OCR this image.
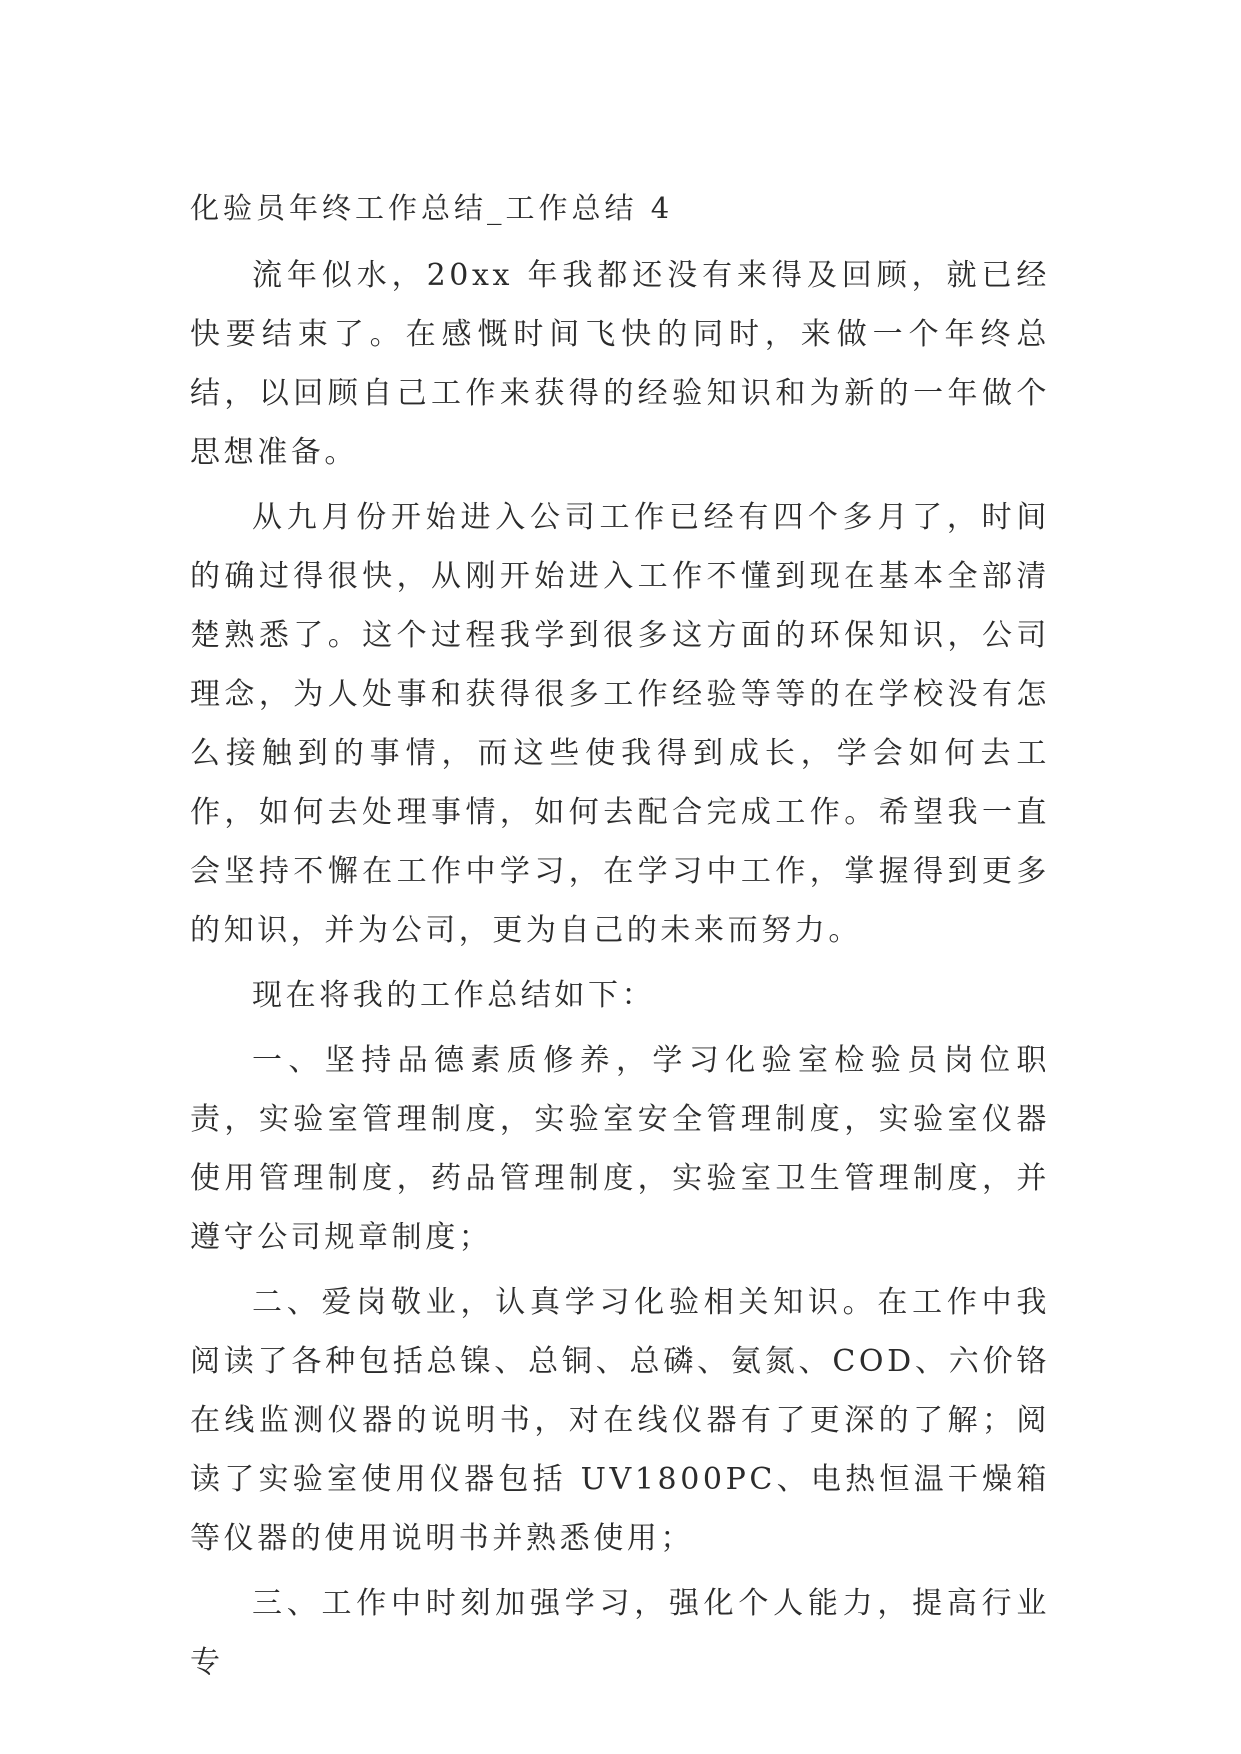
化验员年终工作总结_工作总结 4

流年似水，20xx 年我都还没有来得及回顾，就已经快要结束了。在感慨时间飞快的同时，来做一个年终总结，以回顾自己工作来获得的经验知识和为新的一年做个思想准备。

从九月份开始进入公司工作已经有四个多月了，时间的确过得很快，从刚开始进入工作不懂到现在基本全部清楚熟悉了。这个过程我学到很多这方面的环保知识，公司理念，为人处事和获得很多工作经验等等的在学校没有怎么接触到的事情，而这些使我得到成长，学会如何去工作，如何去处理事情，如何去配合完成工作。希望我一直会坚持不懈在工作中学习，在学习中工作，掌握得到更多的知识，并为公司，更为自己的未来而努力。

现在将我的工作总结如下：

一、坚持品德素质修养，学习化验室检验员岗位职责，实验室管理制度，实验室安全管理制度，实验室仪器使用管理制度，药品管理制度，实验室卫生管理制度，并遵守公司规章制度；

二、爱岗敬业，认真学习化验相关知识。在工作中我阅读了各种包括总镍、总铜、总磷、氨氮、COD、六价铬在线监测仪器的说明书，对在线仪器有了更深的了解；阅读了实验室使用仪器包括 UV1800PC、电热恒温干燥箱等仪器的使用说明书并熟悉使用；

三、工作中时刻加强学习，强化个人能力，提高行业专
